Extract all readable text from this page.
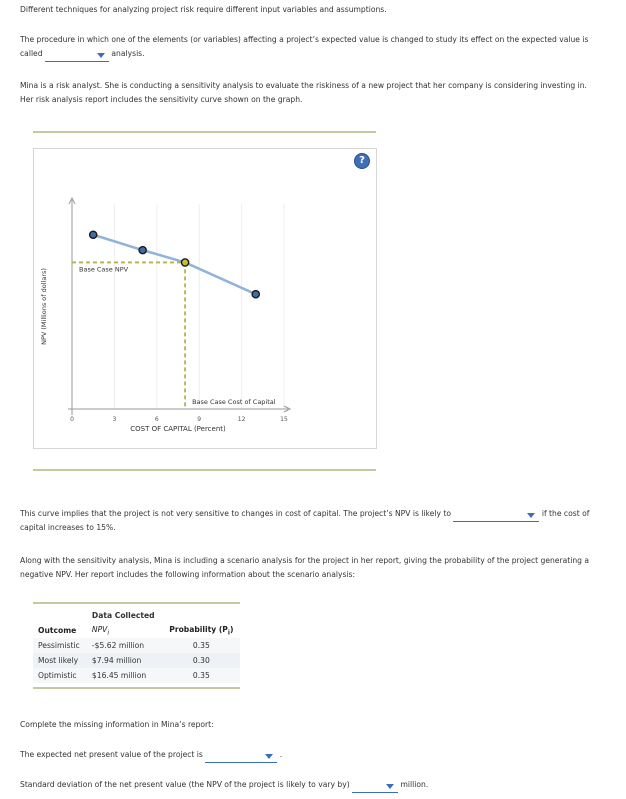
Different techniques for analyzing project risk require different input variables and assumptions.

The procedure in which one of the elements (or variables) affecting a project’s expected value is changed to study its effect on the expected value is

called	analysis.

Mina is a risk analyst. She is conducting a sensitivity analysis to evaluate the riskiness of a new project that her company is considering investing in.

Her risk analysis report includes the sensitivity curve shown on the graph.

?
0	3	6	9	12	15
COST OF CAPITAL (Percent)
NPV (Millions of dollars)	Base Case NPV
Base Case Cost of Capital
This curve implies that the project is not very sensitive to changes in cost of capital. The project’s NPV is likely to	if the cost of

capital increases to 15%.

Along with the sensitivity analysis, Mina is including a scenario analysis for the project in her report, giving the probability of the project generating a

negative NPV. Her report includes the following information about the scenario analysis:

	Data Collected	
Outcome	$NPV_i$	Probability $(P_i)$
Pessimistic	-$5.62 million	0.35
Most likely	$7.94 million	0.30
Optimistic	$16.45 million	0.35

Complete the missing information in Mina’s report:

The expected net present value of the project is	.
Standard deviation of the net present value (the NPV of the project is likely to vary by)	million.
